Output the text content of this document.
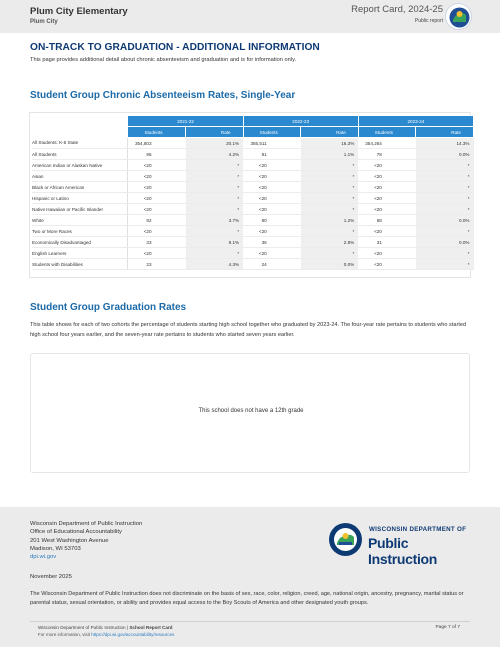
Plum City Elementary
Plum City
Report Card, 2024-25
Public report
ON-TRACK TO GRADUATION - ADDITIONAL INFORMATION
This page provides additional detail about chronic absenteeism and graduation and is for information only.
Student Group Chronic Absenteeism Rates, Single-Year
	2021-22		2022-23		2023-24	
	Students	Rate	Students	Rate	Students	Rate
All Students: K-5 State	354,803	20.1%	355,511	16.3%	354,264	14.3%
All Students	95	4.2%	91	1.1%	78	0.0%
American Indian or Alaskan Native	<20	*	<20	*	<20	*
Asian	<20	*	<20	*	<20	*
Black or African American	<20	*	<20	*	<20	*
Hispanic or Latino	<20	*	<20	*	<20	*
Native Hawaiian or Pacific Islander	<20	*	<20	*	<20	*
White	82	3.7%	80	1.2%	68	0.0%
Two or More Races	<20	*	<20	*	<20	*
Economically Disadvantaged	33	9.1%	36	2.8%	31	0.0%
English Learners	<20	*	<20	*	<20	*
Students with Disabilities	23	4.3%	24	0.0%	<20	*
Student Group Graduation Rates
This table shows for each of two cohorts the percentage of students starting high school together who graduated by 2023-24. The four-year rate pertains to students who started high school four years earlier, and the seven-year rate pertains to students who started seven years earlier.
This school does not have a 12th grade
Wisconsin Department of Public Instruction
Office of Educational Accountability
201 West Washington Avenue
Madison, WI 53703
dpi.wi.gov
WISCONSIN DEPARTMENT OF
Public Instruction
November 2025
The Wisconsin Department of Public Instruction does not discriminate on the basis of sex, race, color, religion, creed, age, national origin, ancestry, pregnancy, marital status or parental status, sexual orientation, or ability and provides equal access to the Boy Scouts of America and other designated youth groups.
Wisconsin Department of Public Instruction | School Report Card
For more information, visit https://dpi.wi.gov/accountability/resources
Page 7 of 7
